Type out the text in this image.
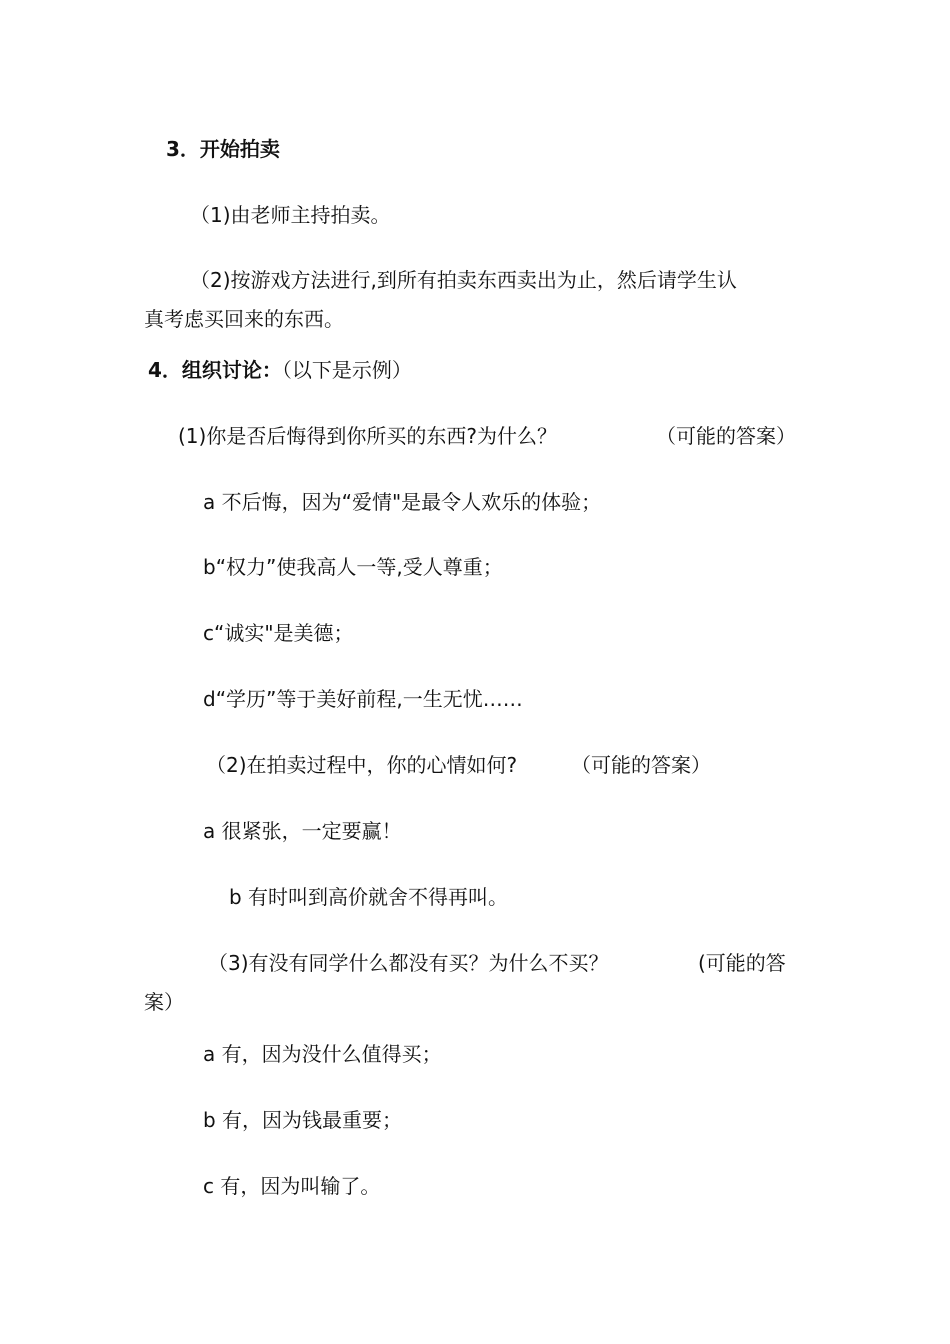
3．开始拍卖
（1)由老师主持拍卖。
（2)按游戏方法进行,到所有拍卖东西卖出为止，然后请学生认
真考虑买回来的东西。
4．组织讨论：（以下是示例）
(1)你是否后悔得到你所买的东西?为什么？	（可能的答案）
a 不后悔，因为“爱情"是最令人欢乐的体验；
b“权力”使我高人一等,受人尊重；
c“诚实"是美德；
d“学历”等于美好前程,一生无忧……
（2)在拍卖过程中，你的心情如何?	（可能的答案）
a 很紧张，一定要赢！
b 有时叫到高价就舍不得再叫。
（3)有没有同学什么都没有买？为什么不买？	(可能的答
案）
a 有，因为没什么值得买；
b 有，因为钱最重要；
c 有，因为叫输了。
